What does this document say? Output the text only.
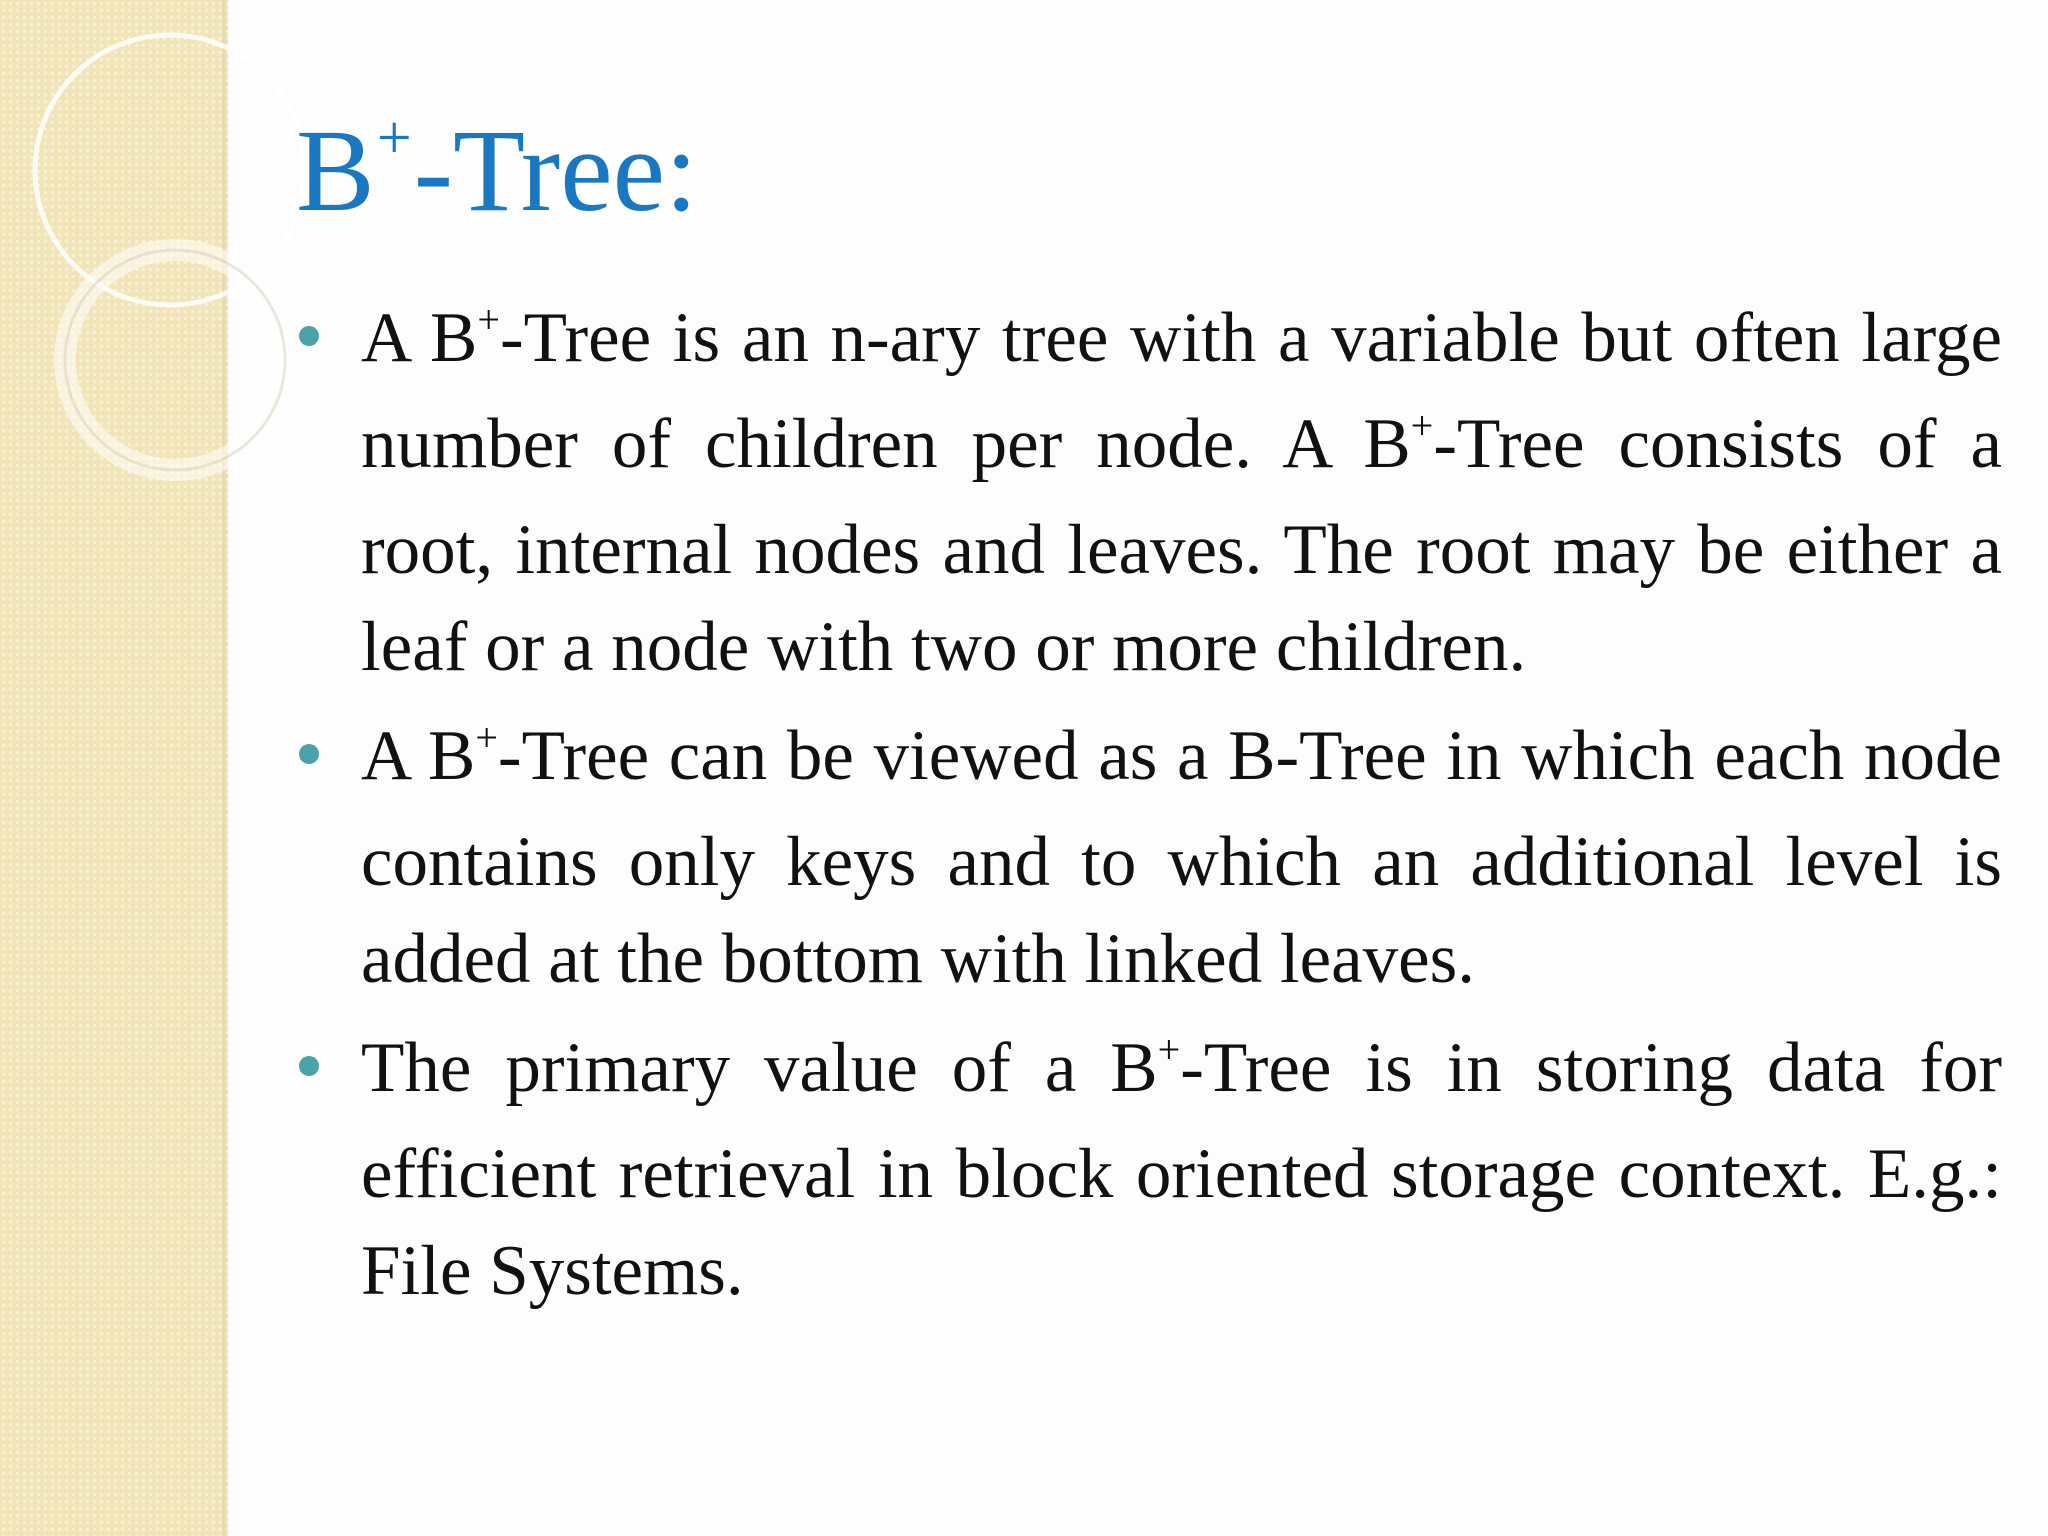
B+-Tree:
A B+-Tree is an n-ary tree with a variable but often large number of children per node. A B+-Tree consists of a root, internal nodes and leaves. The root may be either a leaf or a node with two or more children.
A B+-Tree can be viewed as a B-Tree in which each node contains only keys and to which an additional level is added at the bottom with linked leaves.
The primary value of a B+-Tree is in storing data for efficient retrieval in block oriented storage context. E.g.: File Systems.
